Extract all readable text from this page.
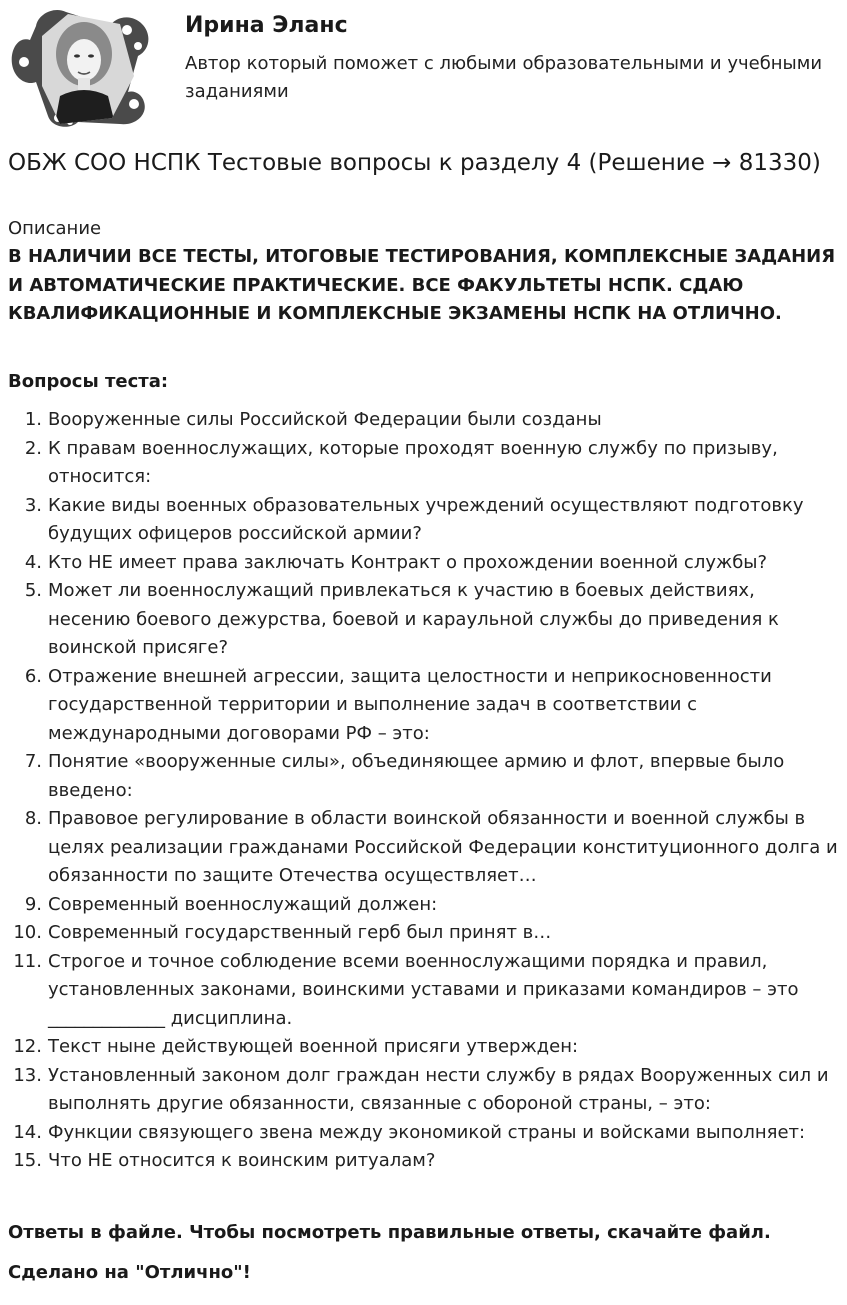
Ирина Эланс
Автор который поможет с любыми образовательными и учебными заданиями
ОБЖ СОО НСПК Тестовые вопросы к разделу 4 (Решение → 81330)
Описание
В НАЛИЧИИ ВСЕ ТЕСТЫ, ИТОГОВЫЕ ТЕСТИРОВАНИЯ, КОМПЛЕКСНЫЕ ЗАДАНИЯ И АВТОМАТИЧЕСКИЕ ПРАКТИЧЕСКИЕ. ВСЕ ФАКУЛЬТЕТЫ НСПК. СДАЮ КВАЛИФИКАЦИОННЫЕ И КОМПЛЕКСНЫЕ ЭКЗАМЕНЫ НСПК НА ОТЛИЧНО.
Вопросы теста:
1. Вооруженные силы Российской Федерации были созданы
2. К правам военнослужащих, которые проходят военную службу по призыву, относится:
3. Какие виды военных образовательных учреждений осуществляют подготовку будущих офицеров российской армии?
4. Кто НЕ имеет права заключать Контракт о прохождении военной службы?
5. Может ли военнослужащий привлекаться к участию в боевых действиях, несению боевого дежурства, боевой и караульной службы до приведения к воинской присяге?
6. Отражение внешней агрессии, защита целостности и неприкосновенности государственной территории и выполнение задач в соответствии с международными договорами РФ – это:
7. Понятие «вооруженные силы», объединяющее армию и флот, впервые было введено:
8. Правовое регулирование в области воинской обязанности и военной службы в целях реализации гражданами Российской Федерации конституционного долга и обязанности по защите Отечества осуществляет…
9. Современный военнослужащий должен:
10. Современный государственный герб был принят в…
11. Строгое и точное соблюдение всеми военнослужащими порядка и правил, установленных законами, воинскими уставами и приказами командиров – это _____________ дисциплина.
12. Текст ныне действующей военной присяги утвержден:
13. Установленный законом долг граждан нести службу в рядах Вооруженных сил и выполнять другие обязанности, связанные с обороной страны, – это:
14. Функции связующего звена между экономикой страны и войсками выполняет:
15. Что НЕ относится к воинским ритуалам?
Ответы в файле. Чтобы посмотреть правильные ответы, скачайте файл.
Сделано на "Отлично"!
